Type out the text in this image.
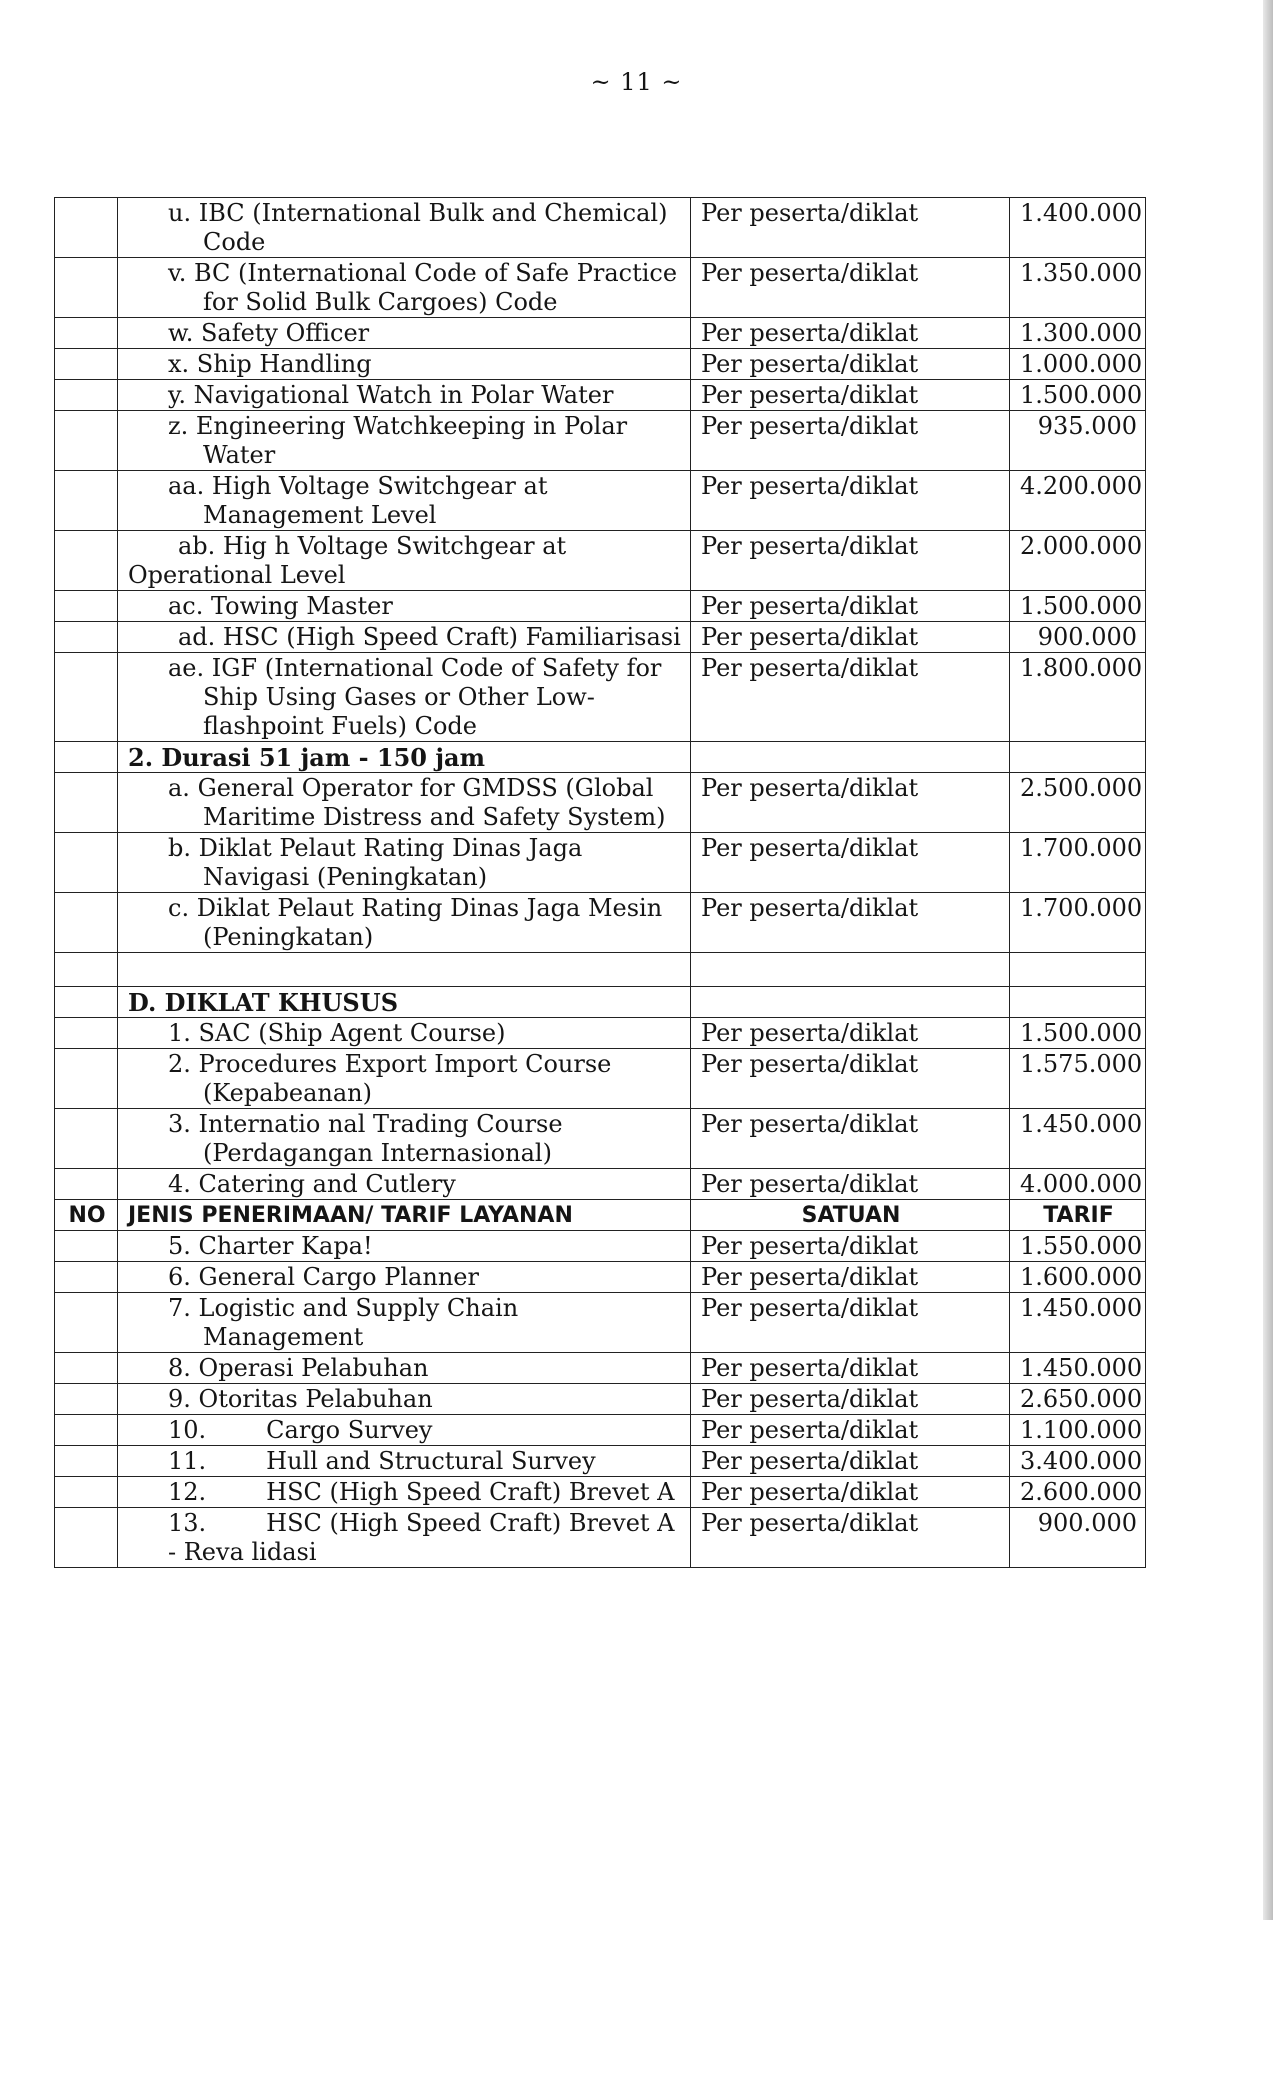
~ 11 ~

	u. IBC (International Bulk and Chemical) Code	Per peserta/diklat	1.400.000

	v. BC (International Code of Safe Practice for Solid Bulk Cargoes) Code	Per peserta/diklat	1.350.000

	w. Safety Officer	Per peserta/diklat	1.300.000

	x. Ship Handling	Per peserta/diklat	1.000.000

	y. Navigational Watch in Polar Water	Per peserta/diklat	1.500.000

	z. Engineering Watchkeeping in Polar Water	Per peserta/diklat	935.000

	aa. High Voltage Switchgear at Management Level	Per peserta/diklat	4.200.000

	ab. Hig h Voltage Switchgear at Operational Level	Per peserta/diklat	2.000.000

	ac. Towing Master	Per peserta/diklat	1.500.000

	ad. HSC (High Speed Craft) Familiarisasi	Per peserta/diklat	900.000

	ae. IGF (International Code of Safety for Ship Using Gases or Other Low-flashpoint Fuels) Code	Per peserta/diklat	1.800.000
	2. Durasi 51 jam - 150 jam		

	a. General Operator for GMDSS (Global Maritime Distress and Safety System)	Per peserta/diklat	2.500.000

	b. Diklat Pelaut Rating Dinas Jaga Navigasi (Peningkatan)	Per peserta/diklat	1.700.000

	c. Diklat Pelaut Rating Dinas Jaga Mesin (Peningkatan)	Per peserta/diklat	1.700.000

	D. DIKLAT KHUSUS		

	1. SAC (Ship Agent Course)	Per peserta/diklat	1.500.000

	2. Procedures Export Import Course (Kepabeanan)	Per peserta/diklat	1.575.000

	3. Internatio nal Trading Course (Perdagangan Internasional)	Per peserta/diklat	1.450.000

	4. Catering and Cutlery	Per peserta/diklat	4.000.000
NO	JENIS PENERIMAAN/ TARIF LAYANAN	SATUAN	TARIF

	5. Charter Kapa!	Per peserta/diklat	1.550.000

	6. General Cargo Planner	Per peserta/diklat	1.600.000

	7. Logistic and Supply Chain Management	Per peserta/diklat	1.450.000

	8. Operasi Pelabuhan	Per peserta/diklat	1.450.000

	9. Otoritas Pelabuhan	Per peserta/diklat	2.650.000
	10. Cargo Survey	Per peserta/diklat	1.100.000
	11. Hull and Structural Survey	Per peserta/diklat	3.400.000
	12. HSC (High Speed Craft) Brevet A	Per peserta/diklat	2.600.000
	13. HSC (High Speed Craft) Brevet A - Reva lidasi	Per peserta/diklat	900.000
